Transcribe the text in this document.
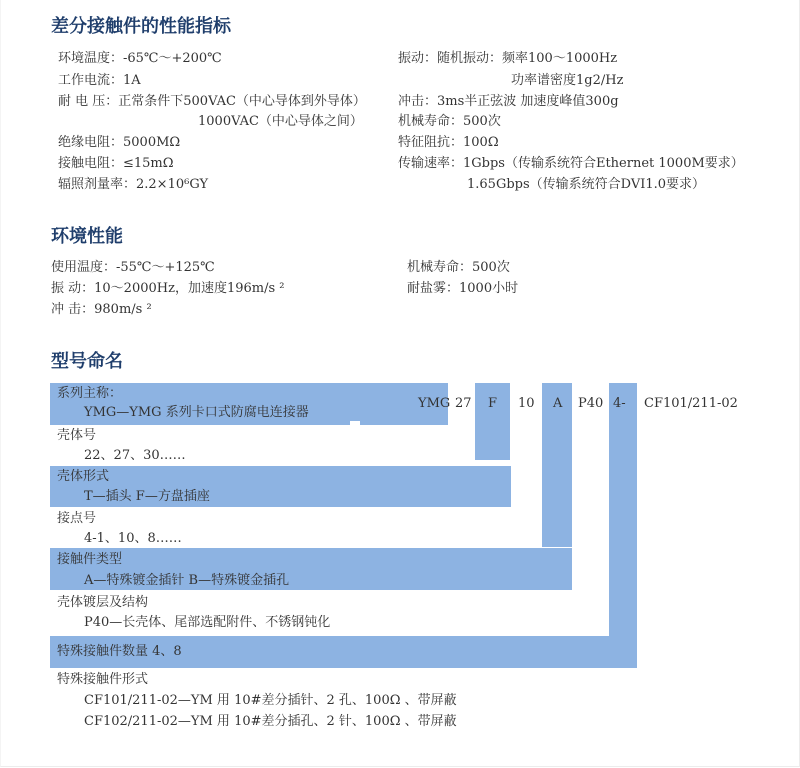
差分接触件的性能指标
环境温度：-65℃～+200℃
工作电流：1A
耐 电 压：正常条件下500VAC（中心导体到外导体）
1000VAC（中心导体之间）
绝缘电阻：5000MΩ
接触电阻：≤15mΩ
辐照剂量率：2.2×10⁶GY
振动：随机振动：频率100～1000Hz
功率谱密度1g2/Hz
冲击：3ms半正弦波 加速度峰值300g
机械寿命：500次
特征阻抗：100Ω
传输速率：1Gbps（传输系统符合Ethernet 1000M要求）
1.65Gbps（传输系统符合DVI1.0要求）
环境性能
使用温度：-55℃～+125℃
振 动：10～2000Hz，加速度196m/s ²
冲 击：980m/s ²
机械寿命：500次
耐盐雾：1000小时
型号命名
YMG 27 F 10 A P40 4- CF101/211-02
系列主称：
YMG—YMG 系列卡口式防腐电连接器
壳体号
22、27、30……
壳体形式
T—插头 F—方盘插座
接点号
4-1、10、8……
接触件类型
A—特殊镀金插针 B—特殊镀金插孔
壳体镀层及结构
P40—长壳体、尾部选配附件、不锈钢钝化
特殊接触件数量 4、8
特殊接触件形式
CF101/211-02—YM 用 10#差分插针、2 孔、100Ω 、带屏蔽
CF102/211-02—YM 用 10#差分插孔、2 针、100Ω 、带屏蔽
